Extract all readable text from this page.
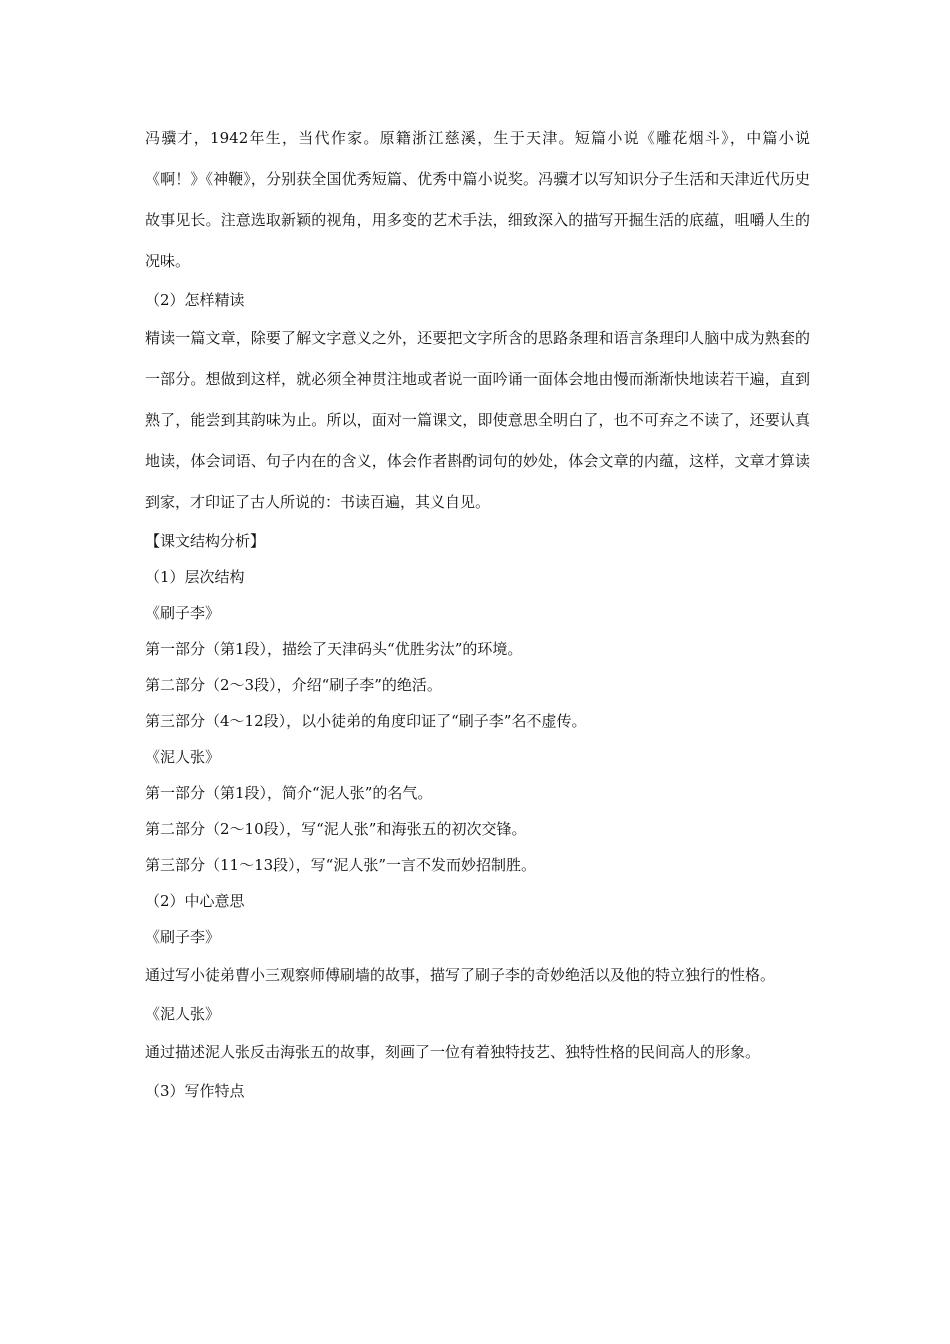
冯骥才，1942年生，当代作家。原籍浙江慈溪，生于天津。短篇小说《雕花烟斗》，中篇小说《啊！》《神鞭》，分别获全国优秀短篇、优秀中篇小说奖。冯骥才以写知识分子生活和天津近代历史故事见长。注意选取新颖的视角，用多变的艺术手法，细致深入的描写开掘生活的底蕴，咀嚼人生的况味。

（2）怎样精读

精读一篇文章，除要了解文字意义之外，还要把文字所含的思路条理和语言条理印人脑中成为熟套的一部分。想做到这样，就必须全神贯注地或者说一面吟诵一面体会地由慢而渐渐快地读若干遍，直到熟了，能尝到其韵味为止。所以，面对一篇课文，即使意思全明白了，也不可弃之不读了，还要认真地读，体会词语、句子内在的含义，体会作者斟酌词句的妙处，体会文章的内蕴，这样，文章才算读到家，才印证了古人所说的：书读百遍，其义自见。

【课文结构分析】

（1）层次结构

《刷子李》

第一部分（第1段），描绘了天津码头“优胜劣汰”的环境。

第二部分（2～3段），介绍“刷子李”的绝活。

第三部分（4～12段），以小徒弟的角度印证了“刷子李”名不虚传。

《泥人张》

第一部分（第1段），简介“泥人张”的名气。

第二部分（2～10段），写“泥人张”和海张五的初次交锋。

第三部分（11～13段），写“泥人张”一言不发而妙招制胜。

（2）中心意思

《刷子李》

通过写小徒弟曹小三观察师傅刷墙的故事，描写了刷子李的奇妙绝活以及他的特立独行的性格。

《泥人张》

通过描述泥人张反击海张五的故事，刻画了一位有着独特技艺、独特性格的民间高人的形象。

（3）写作特点
